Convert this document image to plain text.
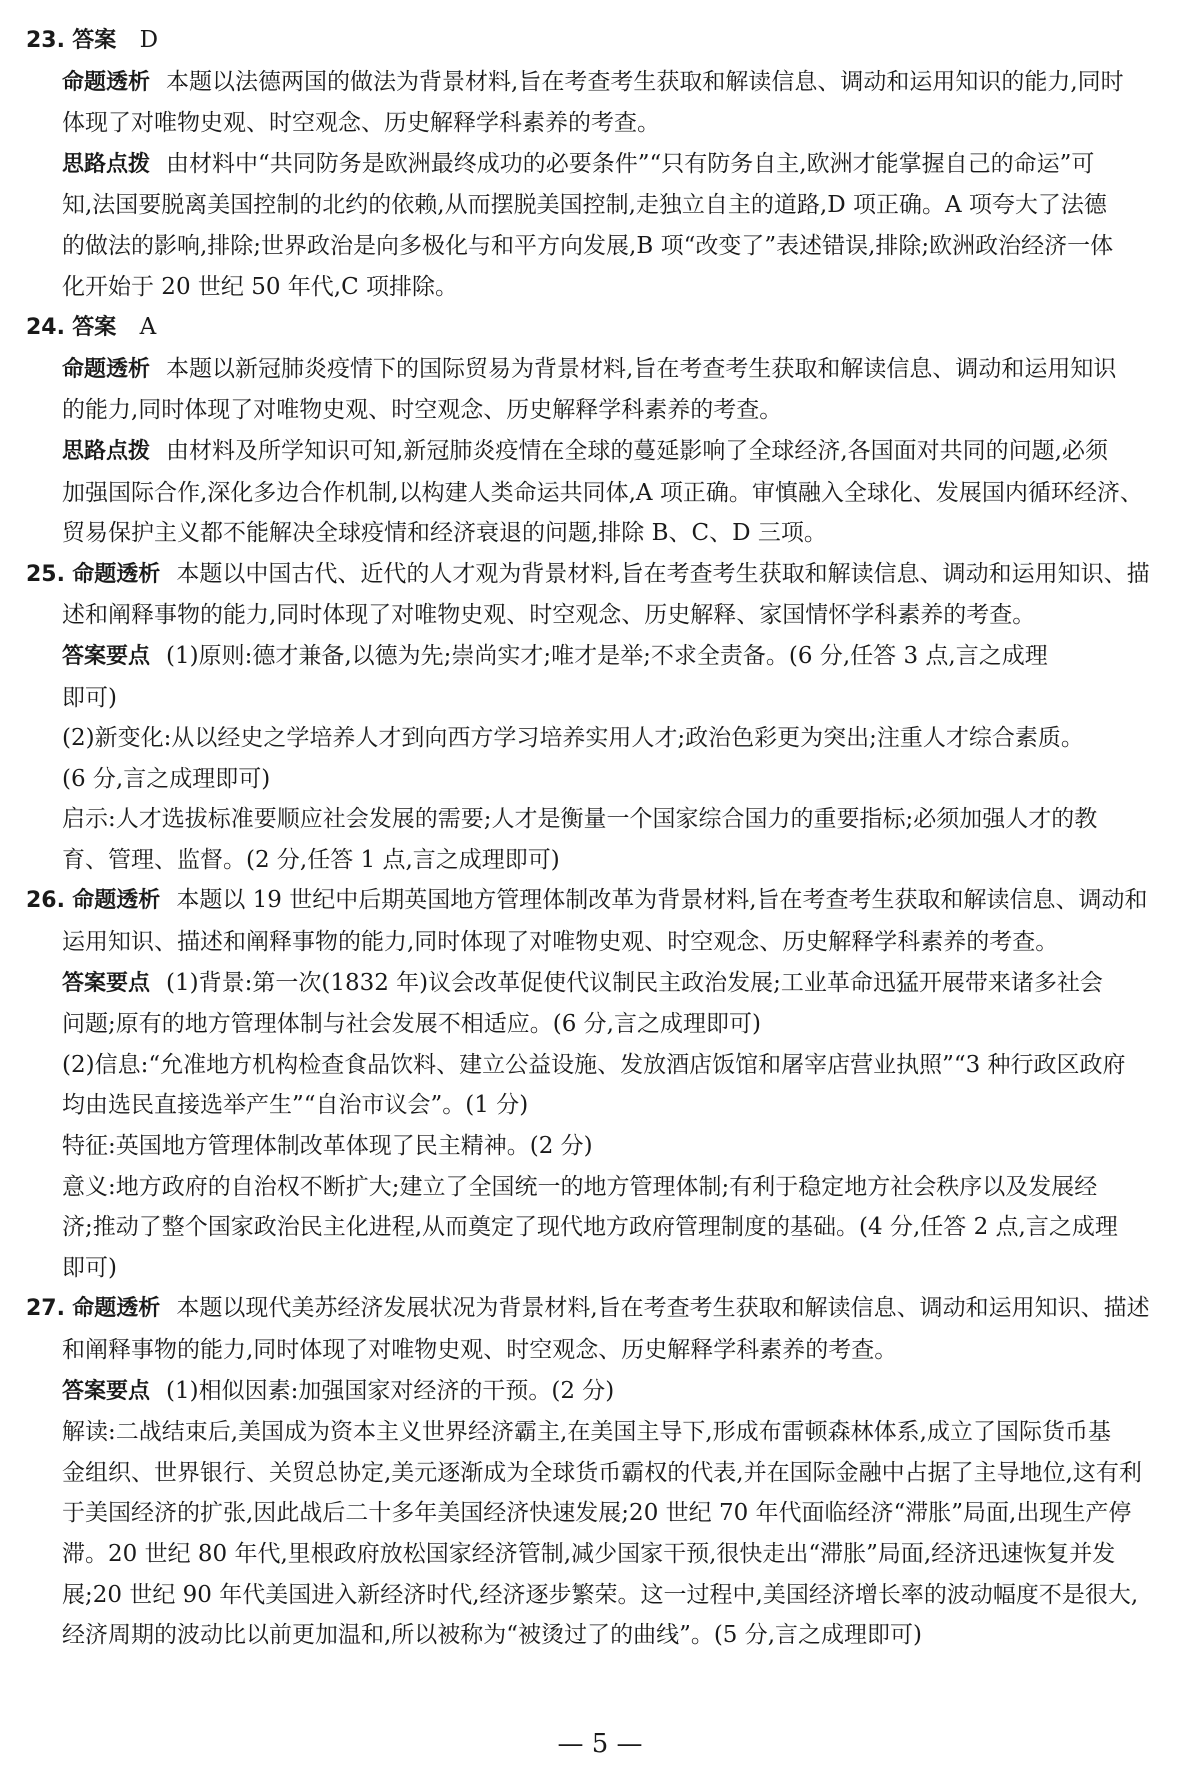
23. 答案 D

命题透析 本题以法德两国的做法为背景材料,旨在考查考生获取和解读信息、调动和运用知识的能力,同时

体现了对唯物史观、时空观念、历史解释学科素养的考查。

思路点拨 由材料中“共同防务是欧洲最终成功的必要条件”“只有防务自主,欧洲才能掌握自己的命运”可

知,法国要脱离美国控制的北约的依赖,从而摆脱美国控制,走独立自主的道路,D 项正确。A 项夸大了法德

的做法的影响,排除;世界政治是向多极化与和平方向发展,B 项“改变了”表述错误,排除;欧洲政治经济一体

化开始于 20 世纪 50 年代,C 项排除。

24. 答案 A

命题透析 本题以新冠肺炎疫情下的国际贸易为背景材料,旨在考查考生获取和解读信息、调动和运用知识

的能力,同时体现了对唯物史观、时空观念、历史解释学科素养的考查。

思路点拨 由材料及所学知识可知,新冠肺炎疫情在全球的蔓延影响了全球经济,各国面对共同的问题,必须

加强国际合作,深化多边合作机制,以构建人类命运共同体,A 项正确。审慎融入全球化、发展国内循环经济、

贸易保护主义都不能解决全球疫情和经济衰退的问题,排除 B、C、D 三项。

25. 命题透析 本题以中国古代、近代的人才观为背景材料,旨在考查考生获取和解读信息、调动和运用知识、描

述和阐释事物的能力,同时体现了对唯物史观、时空观念、历史解释、家国情怀学科素养的考查。

答案要点 (1)原则:德才兼备,以德为先;崇尚实才;唯才是举;不求全责备。(6 分,任答 3 点,言之成理

即可)

(2)新变化:从以经史之学培养人才到向西方学习培养实用人才;政治色彩更为突出;注重人才综合素质。

(6 分,言之成理即可)

启示:人才选拔标准要顺应社会发展的需要;人才是衡量一个国家综合国力的重要指标;必须加强人才的教

育、管理、监督。(2 分,任答 1 点,言之成理即可)

26. 命题透析 本题以 19 世纪中后期英国地方管理体制改革为背景材料,旨在考查考生获取和解读信息、调动和

运用知识、描述和阐释事物的能力,同时体现了对唯物史观、时空观念、历史解释学科素养的考查。

答案要点 (1)背景:第一次(1832 年)议会改革促使代议制民主政治发展;工业革命迅猛开展带来诸多社会

问题;原有的地方管理体制与社会发展不相适应。(6 分,言之成理即可)

(2)信息:“允准地方机构检查食品饮料、建立公益设施、发放酒店饭馆和屠宰店营业执照”“3 种行政区政府

均由选民直接选举产生”“自治市议会”。(1 分)

特征:英国地方管理体制改革体现了民主精神。(2 分)

意义:地方政府的自治权不断扩大;建立了全国统一的地方管理体制;有利于稳定地方社会秩序以及发展经

济;推动了整个国家政治民主化进程,从而奠定了现代地方政府管理制度的基础。(4 分,任答 2 点,言之成理

即可)

27. 命题透析 本题以现代美苏经济发展状况为背景材料,旨在考查考生获取和解读信息、调动和运用知识、描述

和阐释事物的能力,同时体现了对唯物史观、时空观念、历史解释学科素养的考查。

答案要点 (1)相似因素:加强国家对经济的干预。(2 分)

解读:二战结束后,美国成为资本主义世界经济霸主,在美国主导下,形成布雷顿森林体系,成立了国际货币基

金组织、世界银行、关贸总协定,美元逐渐成为全球货币霸权的代表,并在国际金融中占据了主导地位,这有利

于美国经济的扩张,因此战后二十多年美国经济快速发展;20 世纪 70 年代面临经济“滞胀”局面,出现生产停

滞。20 世纪 80 年代,里根政府放松国家经济管制,减少国家干预,很快走出“滞胀”局面,经济迅速恢复并发

展;20 世纪 90 年代美国进入新经济时代,经济逐步繁荣。这一过程中,美国经济增长率的波动幅度不是很大,

经济周期的波动比以前更加温和,所以被称为“被烫过了的曲线”。(5 分,言之成理即可)

— 5 —
